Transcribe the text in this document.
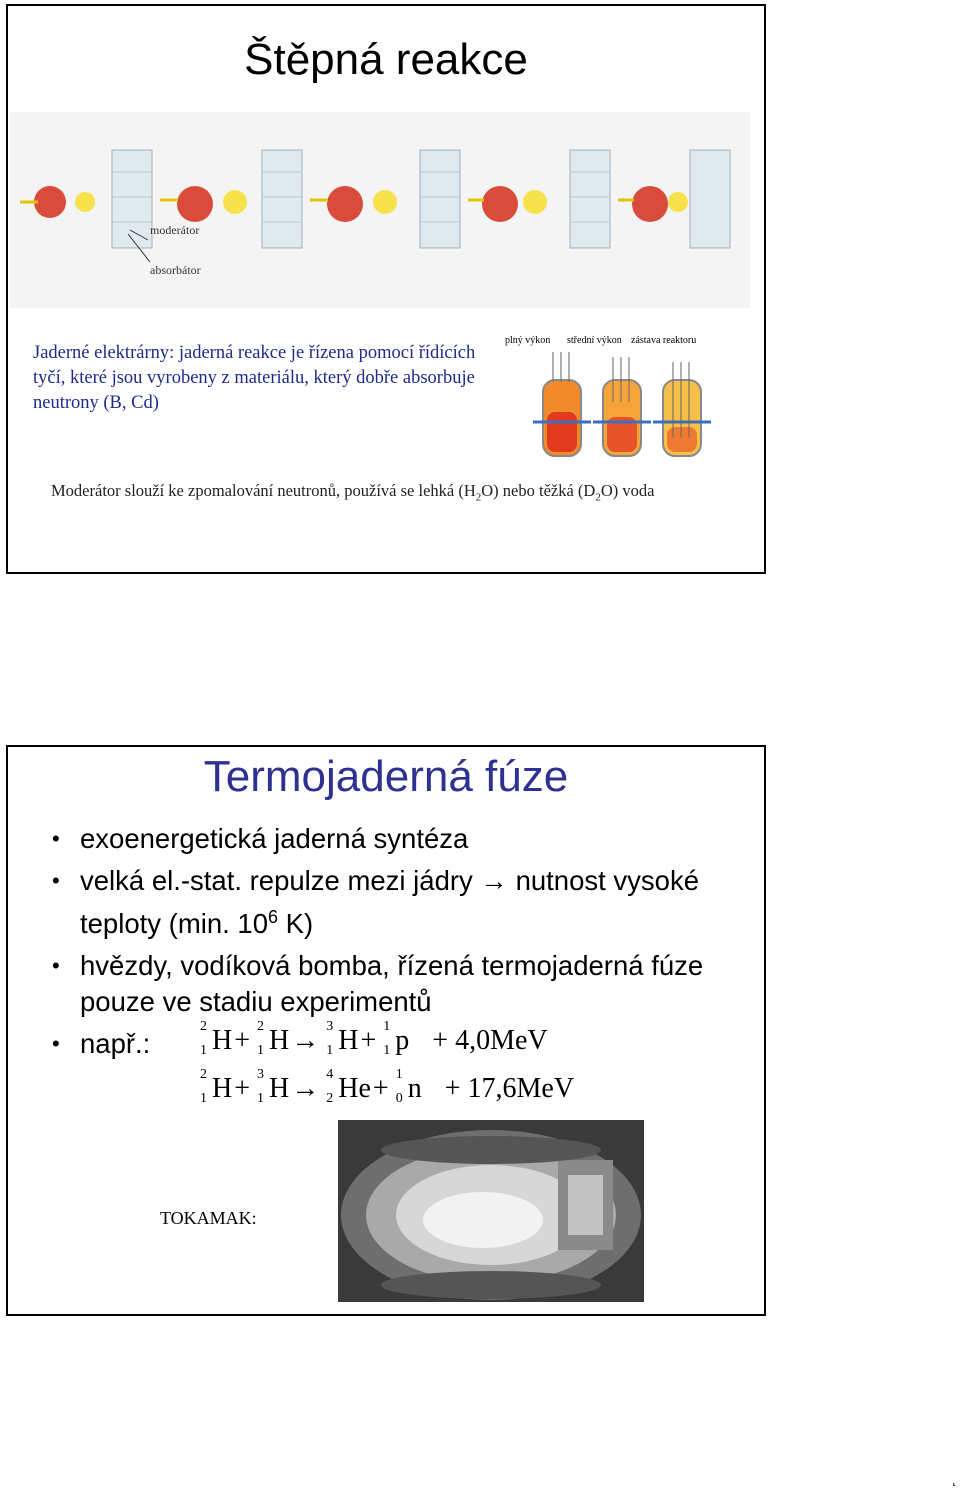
Štěpná reakce
moderátor
absorbátor
Jaderné elektrárny: jaderná reakce je řízena pomocí řídících tyčí, které jsou vyrobeny z materiálu, který dobře absorbuje neutrony (B, Cd)
plný výkon střední výkon zástava reaktoru
Moderátor slouží ke zpomalování neutronů, používá se lehká $(H_2O)$ nebo těžká $(D_2O)$ voda
Termojaderná fúze
• exoenergetická jaderná syntéza
• velká el.-stat. repulze mezi jádry → nutnost vysoké teploty (min. $10^6$ K)
• hvězdy, vodíková bomba, řízená termojaderná fúze pouze ve stadiu experimentů
• např.:
2
1 H+ 2
1 H→ 3
1 H+ 1
1 p + 4,0MeV
2
1 H+ 3
1 H→ 4
2 He+ 1
0 n + 17,6MeV
TOKAMAK:
˛
